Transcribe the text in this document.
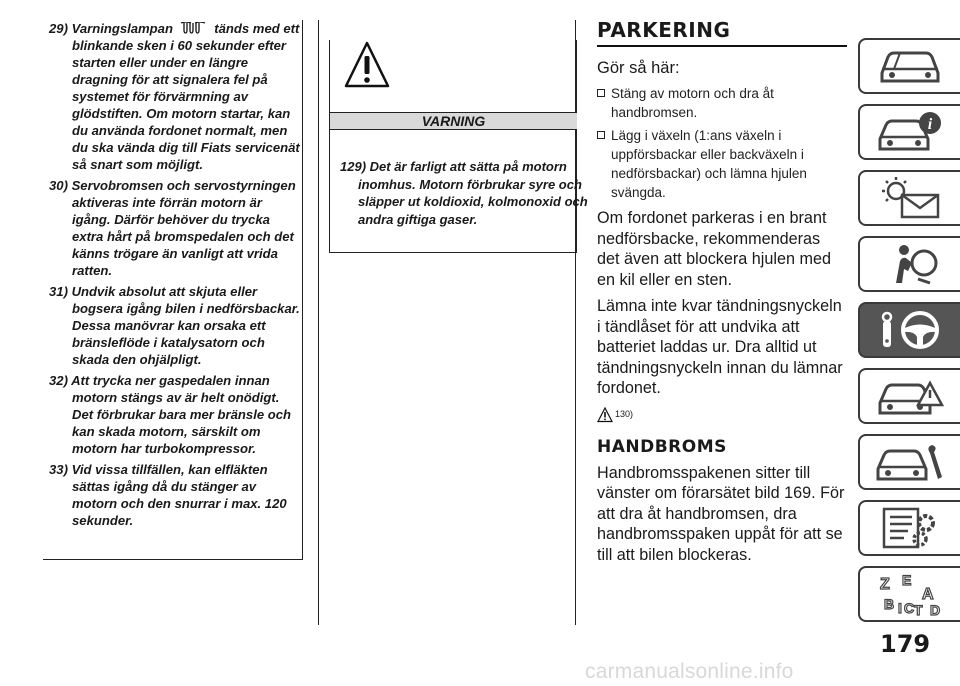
29) Varningslampan	tänds med ett blinkande sken i 60 sekunder efter starten eller under en längre dragning för att signalera fel på systemet för förvärmning av glödstiften. Om motorn startar, kan du använda fordonet normalt, men du ska vända dig till Fiats servicenät så snart som möjligt.

30) Servobromsen och servostyrningen aktiveras inte förrän motorn är igång. Därför behöver du trycka extra hårt på bromspedalen och det känns trögare än vanligt att vrida ratten.

31) Undvik absolut att skjuta eller bogsera igång bilen i nedförsbackar. Dessa manövrar kan orsaka ett bränsleflöde i katalysatorn och skada den ohjälpligt.

32) Att trycka ner gaspedalen innan motorn stängs av är helt onödigt. Det förbrukar bara mer bränsle och kan skada motorn, särskilt om motorn har turbokompressor.

33) Vid vissa tillfällen, kan elfläkten sättas igång då du stänger av motorn och den snurrar i max. 120 sekunder.

VARNING
129) Det är farligt att sätta på motorn inomhus. Motorn förbrukar syre och släpper ut koldioxid, kolmonoxid och andra giftiga gaser.
PARKERING

Gör så här:

Stäng av motorn och dra åt handbromsen.
Lägg i växeln (1:ans växeln i uppförsbackar eller backväxeln i nedförsbackar) och lämna hjulen svängda.

Om fordonet parkeras i en brant nedförsbacke, rekommenderas det även att blockera hjulen med en kil eller en sten.

Lämna inte kvar tändningsnyckeln i tändlåset för att undvika att batteriet laddas ur. Dra alltid ut tändningsnyckeln innan du lämnar fordonet.

130)
HANDBROMS

Handbromsspakenen sitter till vänster om förarsätet bild 169. För att dra åt handbromsen, dra handbromsspaken uppåt för att se till att bilen blockeras.

i
Z E
A
B I C T D
179
carmanualsonline.info
